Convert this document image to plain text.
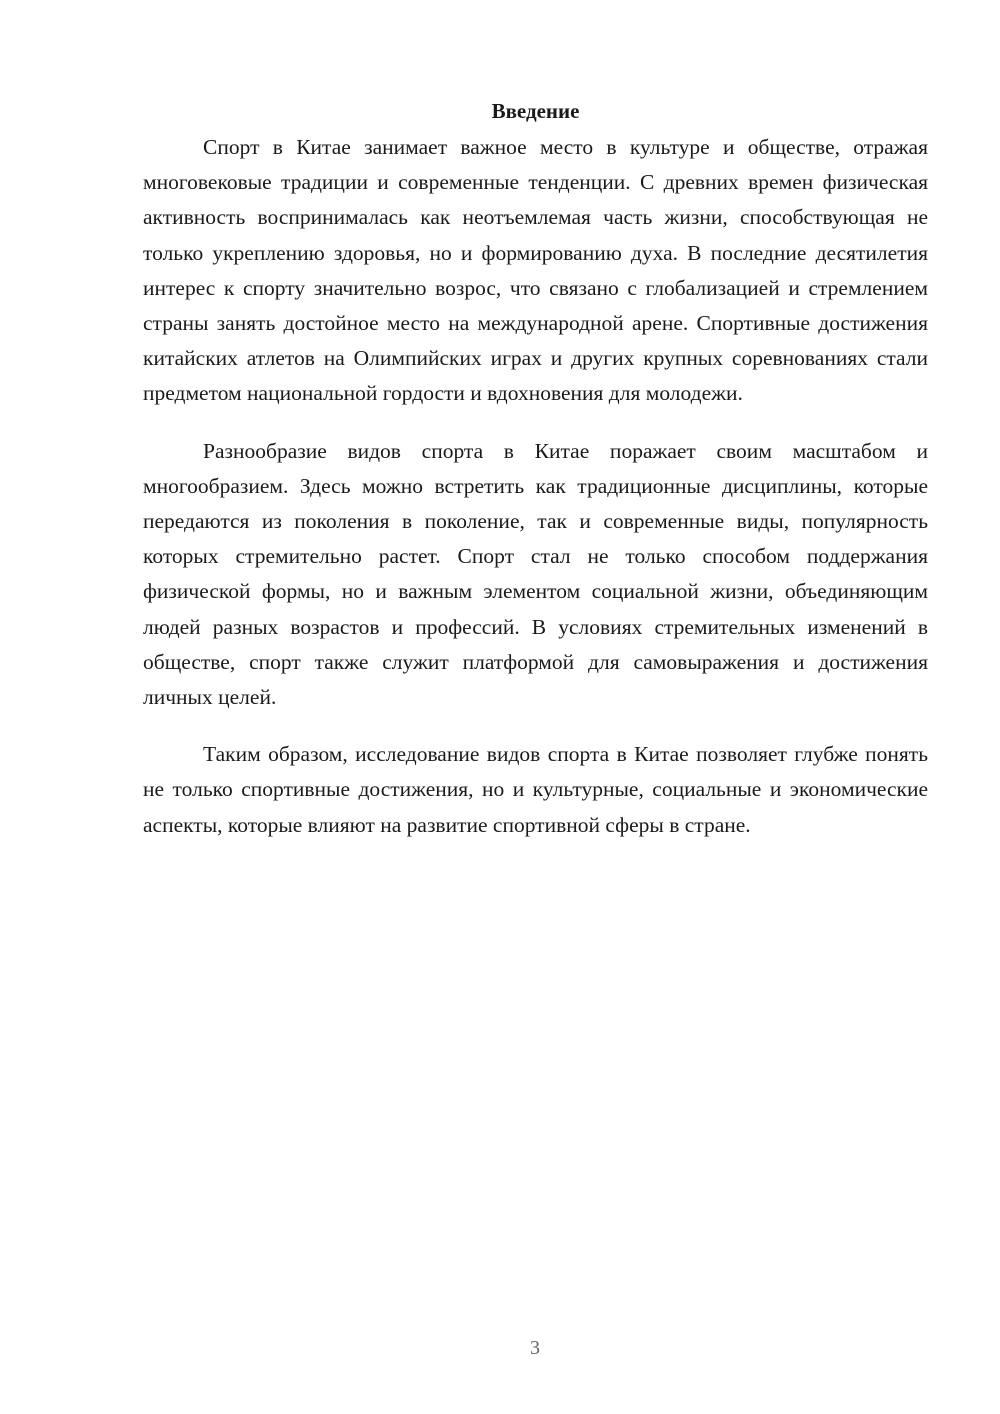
Введение

Спорт в Китае занимает важное место в культуре и обществе, отражая многовековые традиции и современные тенденции. С древних времен физическая активность воспринималась как неотъемлемая часть жизни, способствующая не только укреплению здоровья, но и формированию духа. В последние десятилетия интерес к спорту значительно возрос, что связано с глобализацией и стремлением страны занять достойное место на международной арене. Спортивные достижения китайских атлетов на Олимпийских играх и других крупных соревнованиях стали предметом национальной гордости и вдохновения для молодежи.

Разнообразие видов спорта в Китае поражает своим масштабом и многообразием. Здесь можно встретить как традиционные дисциплины, которые передаются из поколения в поколение, так и современные виды, популярность которых стремительно растет. Спорт стал не только способом поддержания физической формы, но и важным элементом социальной жизни, объединяющим людей разных возрастов и профессий. В условиях стремительных изменений в обществе, спорт также служит платформой для самовыражения и достижения личных целей.

Таким образом, исследование видов спорта в Китае позволяет глубже понять не только спортивные достижения, но и культурные, социальные и экономические аспекты, которые влияют на развитие спортивной сферы в стране.

3
